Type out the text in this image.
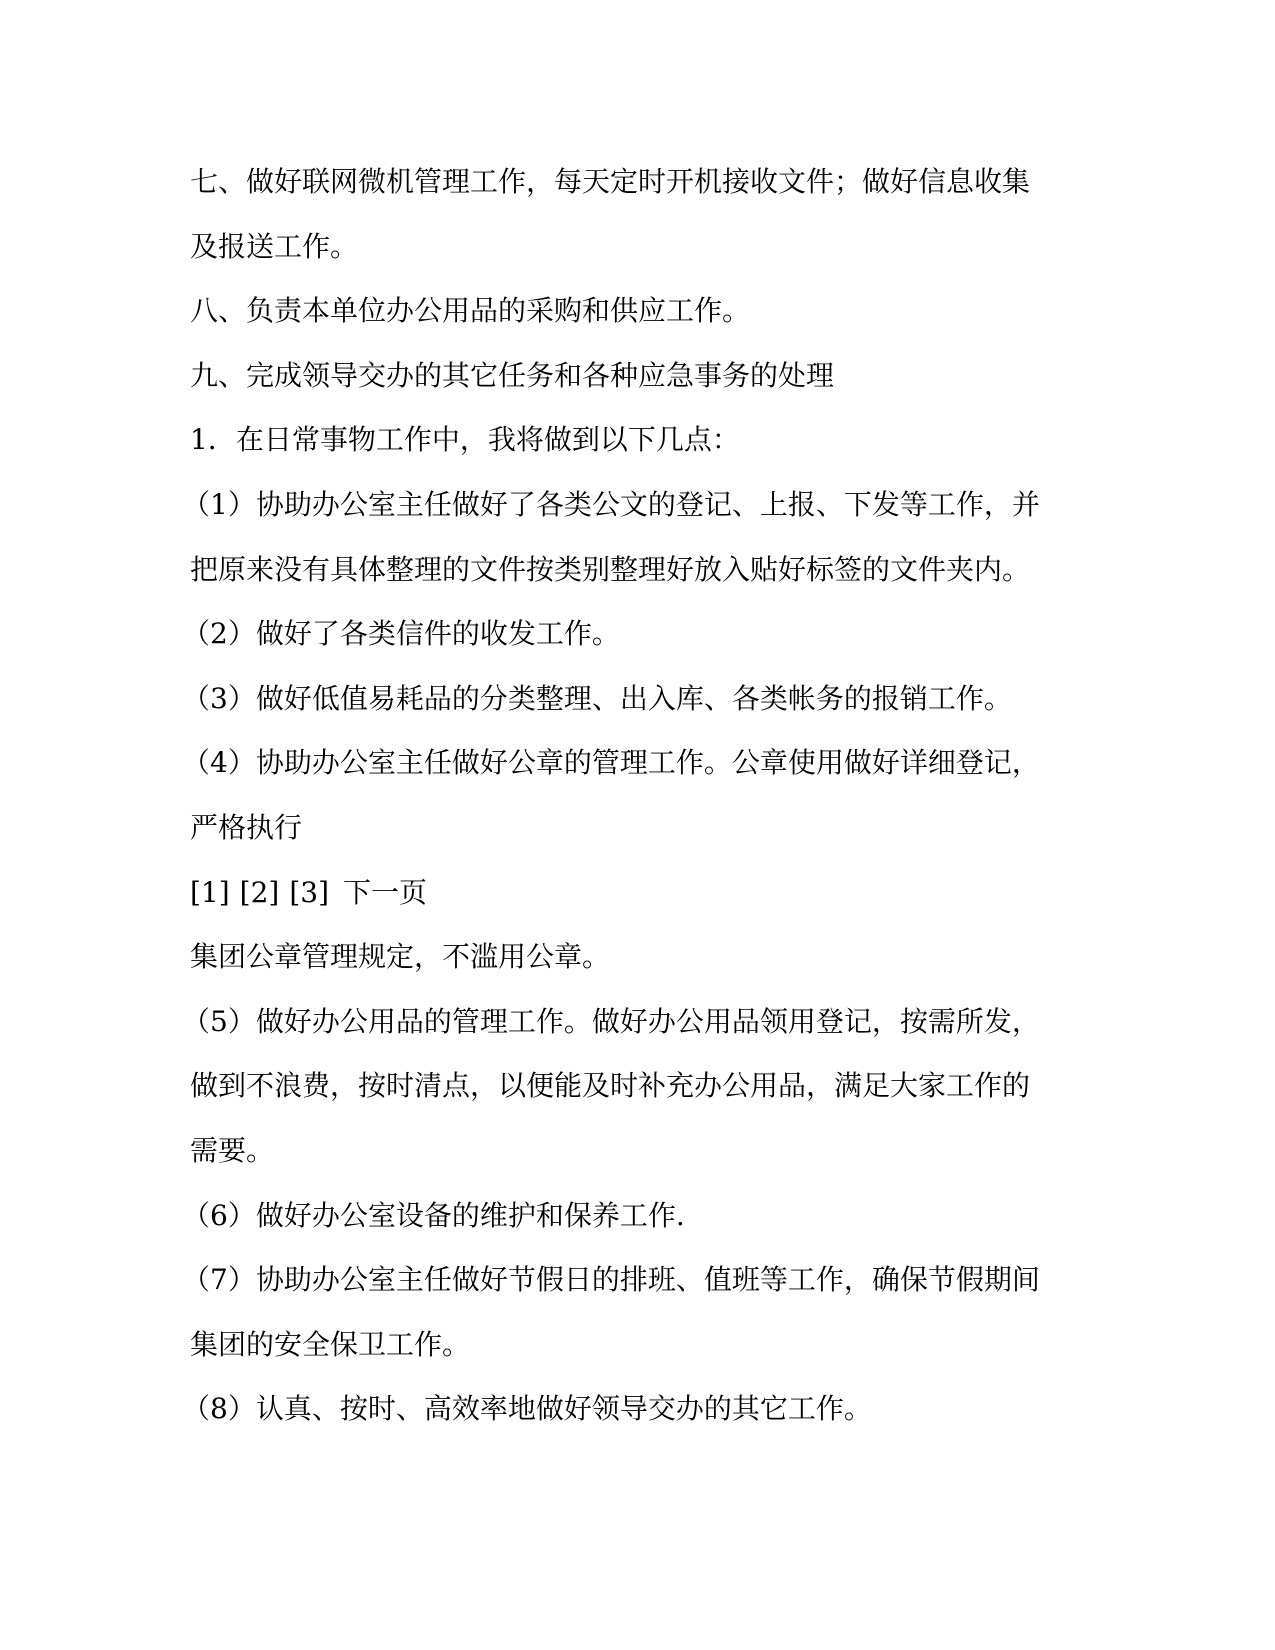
七、做好联网微机管理工作，每天定时开机接收文件；做好信息收集
及报送工作。
八、负责本单位办公用品的采购和供应工作。
九、完成领导交办的其它任务和各种应急事务的处理
1．在日常事物工作中，我将做到以下几点：
（1）协助办公室主任做好了各类公文的登记、上报、下发等工作，并
把原来没有具体整理的文件按类别整理好放入贴好标签的文件夹内。
（2）做好了各类信件的收发工作。
（3）做好低值易耗品的分类整理、出入库、各类帐务的报销工作。
（4）协助办公室主任做好公章的管理工作。公章使用做好详细登记，
严格执行
[1] [2] [3] 下一页
集团公章管理规定，不滥用公章。
（5）做好办公用品的管理工作。做好办公用品领用登记，按需所发，
做到不浪费，按时清点，以便能及时补充办公用品，满足大家工作的
需要。
（6）做好办公室设备的维护和保养工作.
（7）协助办公室主任做好节假日的排班、值班等工作，确保节假期间
集团的安全保卫工作。
（8）认真、按时、高效率地做好领导交办的其它工作。
